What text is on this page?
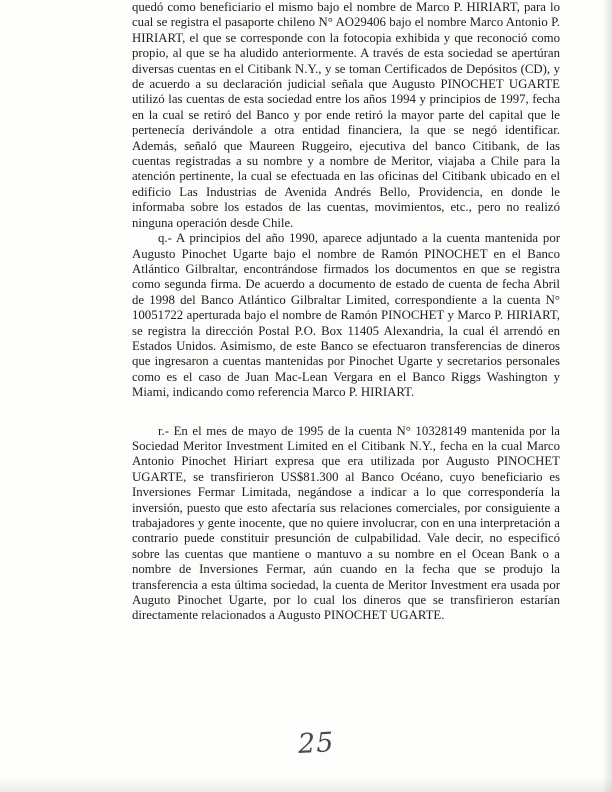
quedó como beneficiario el mismo bajo el nombre de Marco P. HIRIART, para lo cual se registra el pasaporte chileno N° AO29406 bajo el nombre Marco Antonio P. HIRIART, el que se corresponde con la fotocopia exhibida y que reconoció como propio, al que se ha aludido anteriormente. A través de esta sociedad se apertúran diversas cuentas en el Citibank N.Y., y se toman Certificados de Depósitos (CD), y de acuerdo a su declaración judicial señala que Augusto PINOCHET UGARTE utilizó las cuentas de esta sociedad entre los años 1994 y principios de 1997, fecha en la cual se retiró del Banco y por ende retiró la mayor parte del capital que le pertenecía derivándole a otra entidad financiera, la que se negó identificar. Además, señaló que Maureen Ruggeiro, ejecutiva del banco Citibank, de las cuentas registradas a su nombre y a nombre de Meritor, viajaba a Chile para la atención pertinente, la cual se efectuada en las oficinas del Citibank ubicado en el edificio Las Industrias de Avenida Andrés Bello, Providencia, en donde le informaba sobre los estados de las cuentas, movimientos, etc., pero no realizó ninguna operación desde Chile.

q.- A principios del año 1990, aparece adjuntado a la cuenta mantenida por Augusto Pinochet Ugarte bajo el nombre de Ramón PINOCHET en el Banco Atlántico Gilbraltar, encontrándose firmados los documentos en que se registra como segunda firma. De acuerdo a documento de estado de cuenta de fecha Abril de 1998 del Banco Atlántico Gilbraltar Limited, correspondiente a la cuenta N° 10051722 aperturada bajo el nombre de Ramón PINOCHET y Marco P. HIRIART, se registra la dirección Postal P.O. Box 11405 Alexandria, la cual él arrendó en Estados Unidos. Asimismo, de este Banco se efectuaron transferencias de dineros que ingresaron a cuentas mantenidas por Pinochet Ugarte y secretarios personales como es el caso de Juan Mac-Lean Vergara en el Banco Riggs Washington y Miami, indicando como referencia Marco P. HIRIART.

r.- En el mes de mayo de 1995 de la cuenta N° 10328149 mantenida por la Sociedad Meritor Investment Limited en el Citibank N.Y., fecha en la cual Marco Antonio Pinochet Hiriart expresa que era utilizada por Augusto PINOCHET UGARTE, se transfirieron US$81.300 al Banco Océano, cuyo beneficiario es Inversiones Fermar Limitada, negándose a indicar a lo que correspondería la inversión, puesto que esto afectaría sus relaciones comerciales, por consiguiente a trabajadores y gente inocente, que no quiere involucrar, con en una interpretación a contrario puede constituir presunción de culpabilidad. Vale decir, no especificó sobre las cuentas que mantiene o mantuvo a su nombre en el Ocean Bank o a nombre de Inversiones Fermar, aún cuando en la fecha que se produjo la transferencia a esta última sociedad, la cuenta de Meritor Investment era usada por Auguto Pinochet Ugarte, por lo cual los dineros que se transfirieron estarían directamente relacionados a Augusto PINOCHET UGARTE.

25
